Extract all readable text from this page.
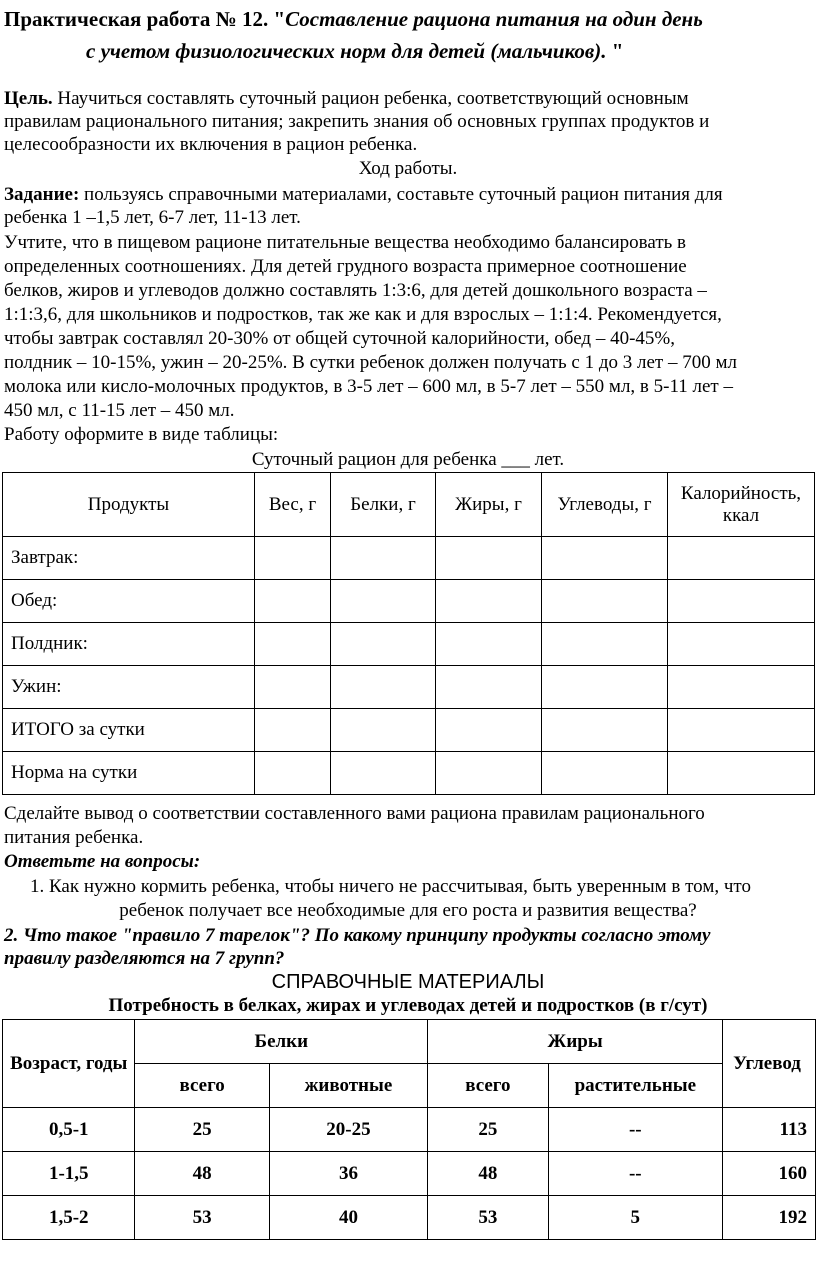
Практическая работа № 12. "Составление рациона питания на один день
с учетом физиологических норм для детей (мальчиков). "
Цель. Научиться составлять суточный рацион ребенка, соответствующий основным
правилам рационального питания; закрепить знания об основных группах продуктов и
целесообразности их включения в рацион ребенка.
Ход работы.
Задание: пользуясь справочными материалами, составьте суточный рацион питания для
ребенка 1 –1,5 лет, 6-7 лет, 11-13 лет.
Учтите, что в пищевом рационе питательные вещества необходимо балансировать в
определенных соотношениях. Для детей грудного возраста примерное соотношение
белков, жиров и углеводов должно составлять 1:3:6, для детей дошкольного возраста –
1:1:3,6, для школьников и подростков, так же как и для взрослых – 1:1:4. Рекомендуется,
чтобы завтрак составлял 20-30% от общей суточной калорийности, обед – 40-45%,
полдник – 10-15%, ужин – 20-25%. В сутки ребенок должен получать с 1 до 3 лет – 700 мл
молока или кисло-молочных продуктов, в 3-5 лет – 600 мл, в 5-7 лет – 550 мл, в 5-11 лет –
450 мл, с 11-15 лет – 450 мл.
Работу оформите в виде таблицы:
Суточный рацион для ребенка ___ лет.
Продукты	Вес, г	Белки, г	Жиры, г	Углеводы, г	Калорийность, ккал
Завтрак:					
Обед:					
Полдник:					
Ужин:					
ИТОГО за сутки					
Норма на сутки					
Сделайте вывод о соответствии составленного вами рациона правилам рационального
питания ребенка.
Ответьте на вопросы:
1. Как нужно кормить ребенка, чтобы ничего не рассчитывая, быть уверенным в том, что
ребенок получает все необходимые для его роста и развития вещества?
2. Что такое "правило 7 тарелок"? По какому принципу продукты согласно этому
правилу разделяются на 7 групп?
СПРАВОЧНЫЕ МАТЕРИАЛЫ
Потребность в белках, жирах и углеводах детей и подростков (в г/сут)
Возраст, годы	Белки		Жиры		Углевод
	всего	животные	всего	растительные	
0,5-1	25	20-25	25	--	113
1-1,5	48	36	48	--	160
1,5-2	53	40	53	5	192
